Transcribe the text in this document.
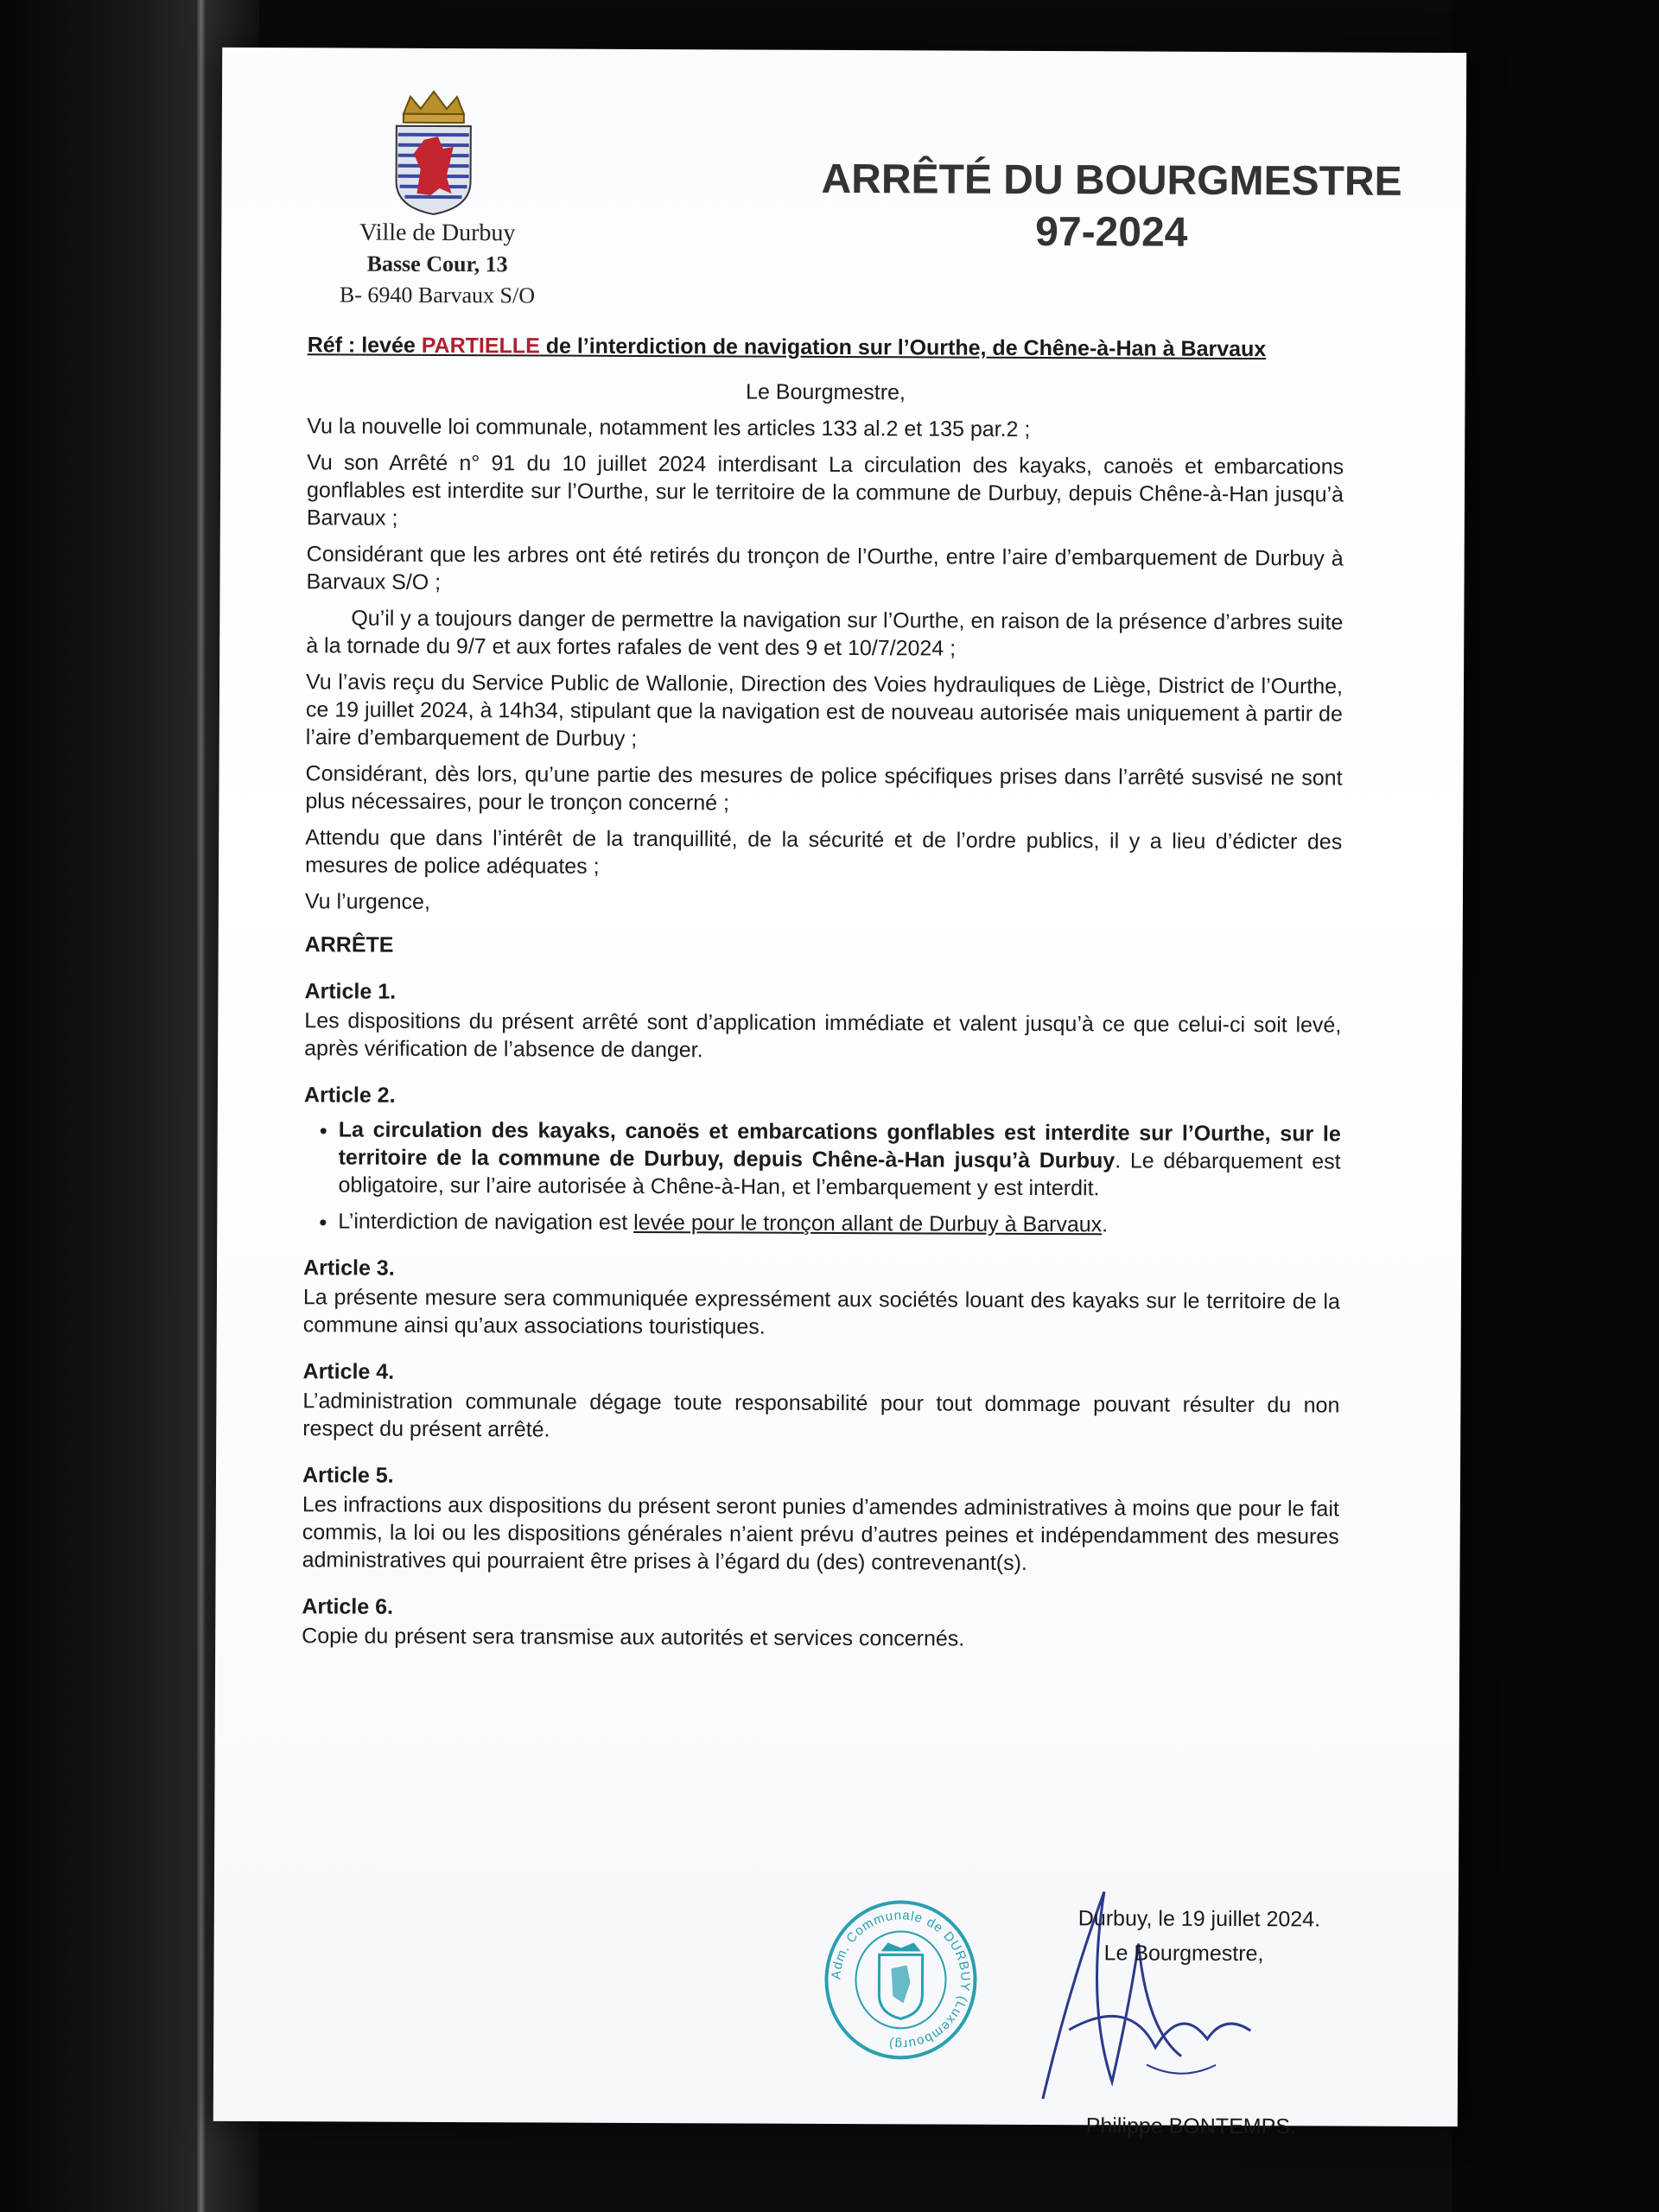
Ville de Durbuy
Basse Cour, 13
B- 6940 Barvaux S/O
ARRÊTÉ DU BOURGMESTRE
97-2024
Réf : levée PARTIELLE de l’interdiction de navigation sur l’Ourthe, de Chêne-à-Han à Barvaux

Le Bourgmestre,

Vu la nouvelle loi communale, notamment les articles 133 al.2 et 135 par.2 ;

Vu son Arrêté n° 91 du 10 juillet 2024 interdisant La circulation des kayaks, canoës et embarcations gonflables est interdite sur l’Ourthe, sur le territoire de la commune de Durbuy, depuis Chêne-à-Han jusqu’à Barvaux ;

Considérant que les arbres ont été retirés du tronçon de l’Ourthe, entre l’aire d’embarquement de Durbuy à Barvaux S/O ;

Qu’il y a toujours danger de permettre la navigation sur l’Ourthe, en raison de la présence d’arbres suite à la tornade du 9/7 et aux fortes rafales de vent des 9 et 10/7/2024 ;

Vu l’avis reçu du Service Public de Wallonie, Direction des Voies hydrauliques de Liège, District de l’Ourthe, ce 19 juillet 2024, à 14h34, stipulant que la navigation est de nouveau autorisée mais uniquement à partir de l’aire d’embarquement de Durbuy ;

Considérant, dès lors, qu’une partie des mesures de police spécifiques prises dans l’arrêté susvisé ne sont plus nécessaires, pour le tronçon concerné ;

Attendu que dans l’intérêt de la tranquillité, de la sécurité et de l’ordre publics, il y a lieu d’édicter des mesures de police adéquates ;

Vu l’urgence,

ARRÊTE

Article 1.

Les dispositions du présent arrêté sont d’application immédiate et valent jusqu’à ce que celui-ci soit levé, après vérification de l’absence de danger.

Article 2.

• La circulation des kayaks, canoës et embarcations gonflables est interdite sur l’Ourthe, sur le territoire de la commune de Durbuy, depuis Chêne-à-Han jusqu’à Durbuy. Le débarquement est obligatoire, sur l’aire autorisée à Chêne-à-Han, et l’embarquement y est interdit.
• L’interdiction de navigation est levée pour le tronçon allant de Durbuy à Barvaux.

Article 3.

La présente mesure sera communiquée expressément aux sociétés louant des kayaks sur le territoire de la commune ainsi qu’aux associations touristiques.

Article 4.

L’administration communale dégage toute responsabilité pour tout dommage pouvant résulter du non respect du présent arrêté.

Article 5.

Les infractions aux dispositions du présent seront punies d’amendes administratives à moins que pour le fait commis, la loi ou les dispositions générales n’aient prévu d’autres peines et indépendamment des mesures administratives qui pourraient être prises à l’égard du (des) contrevenant(s).

Article 6.

Copie du présent sera transmise aux autorités et services concernés.

Adm. Communale de DURBUY (Luxembourg)
Durbuy, le 19 juillet 2024.
Le Bourgmestre,
Philippe BONTEMPS.
